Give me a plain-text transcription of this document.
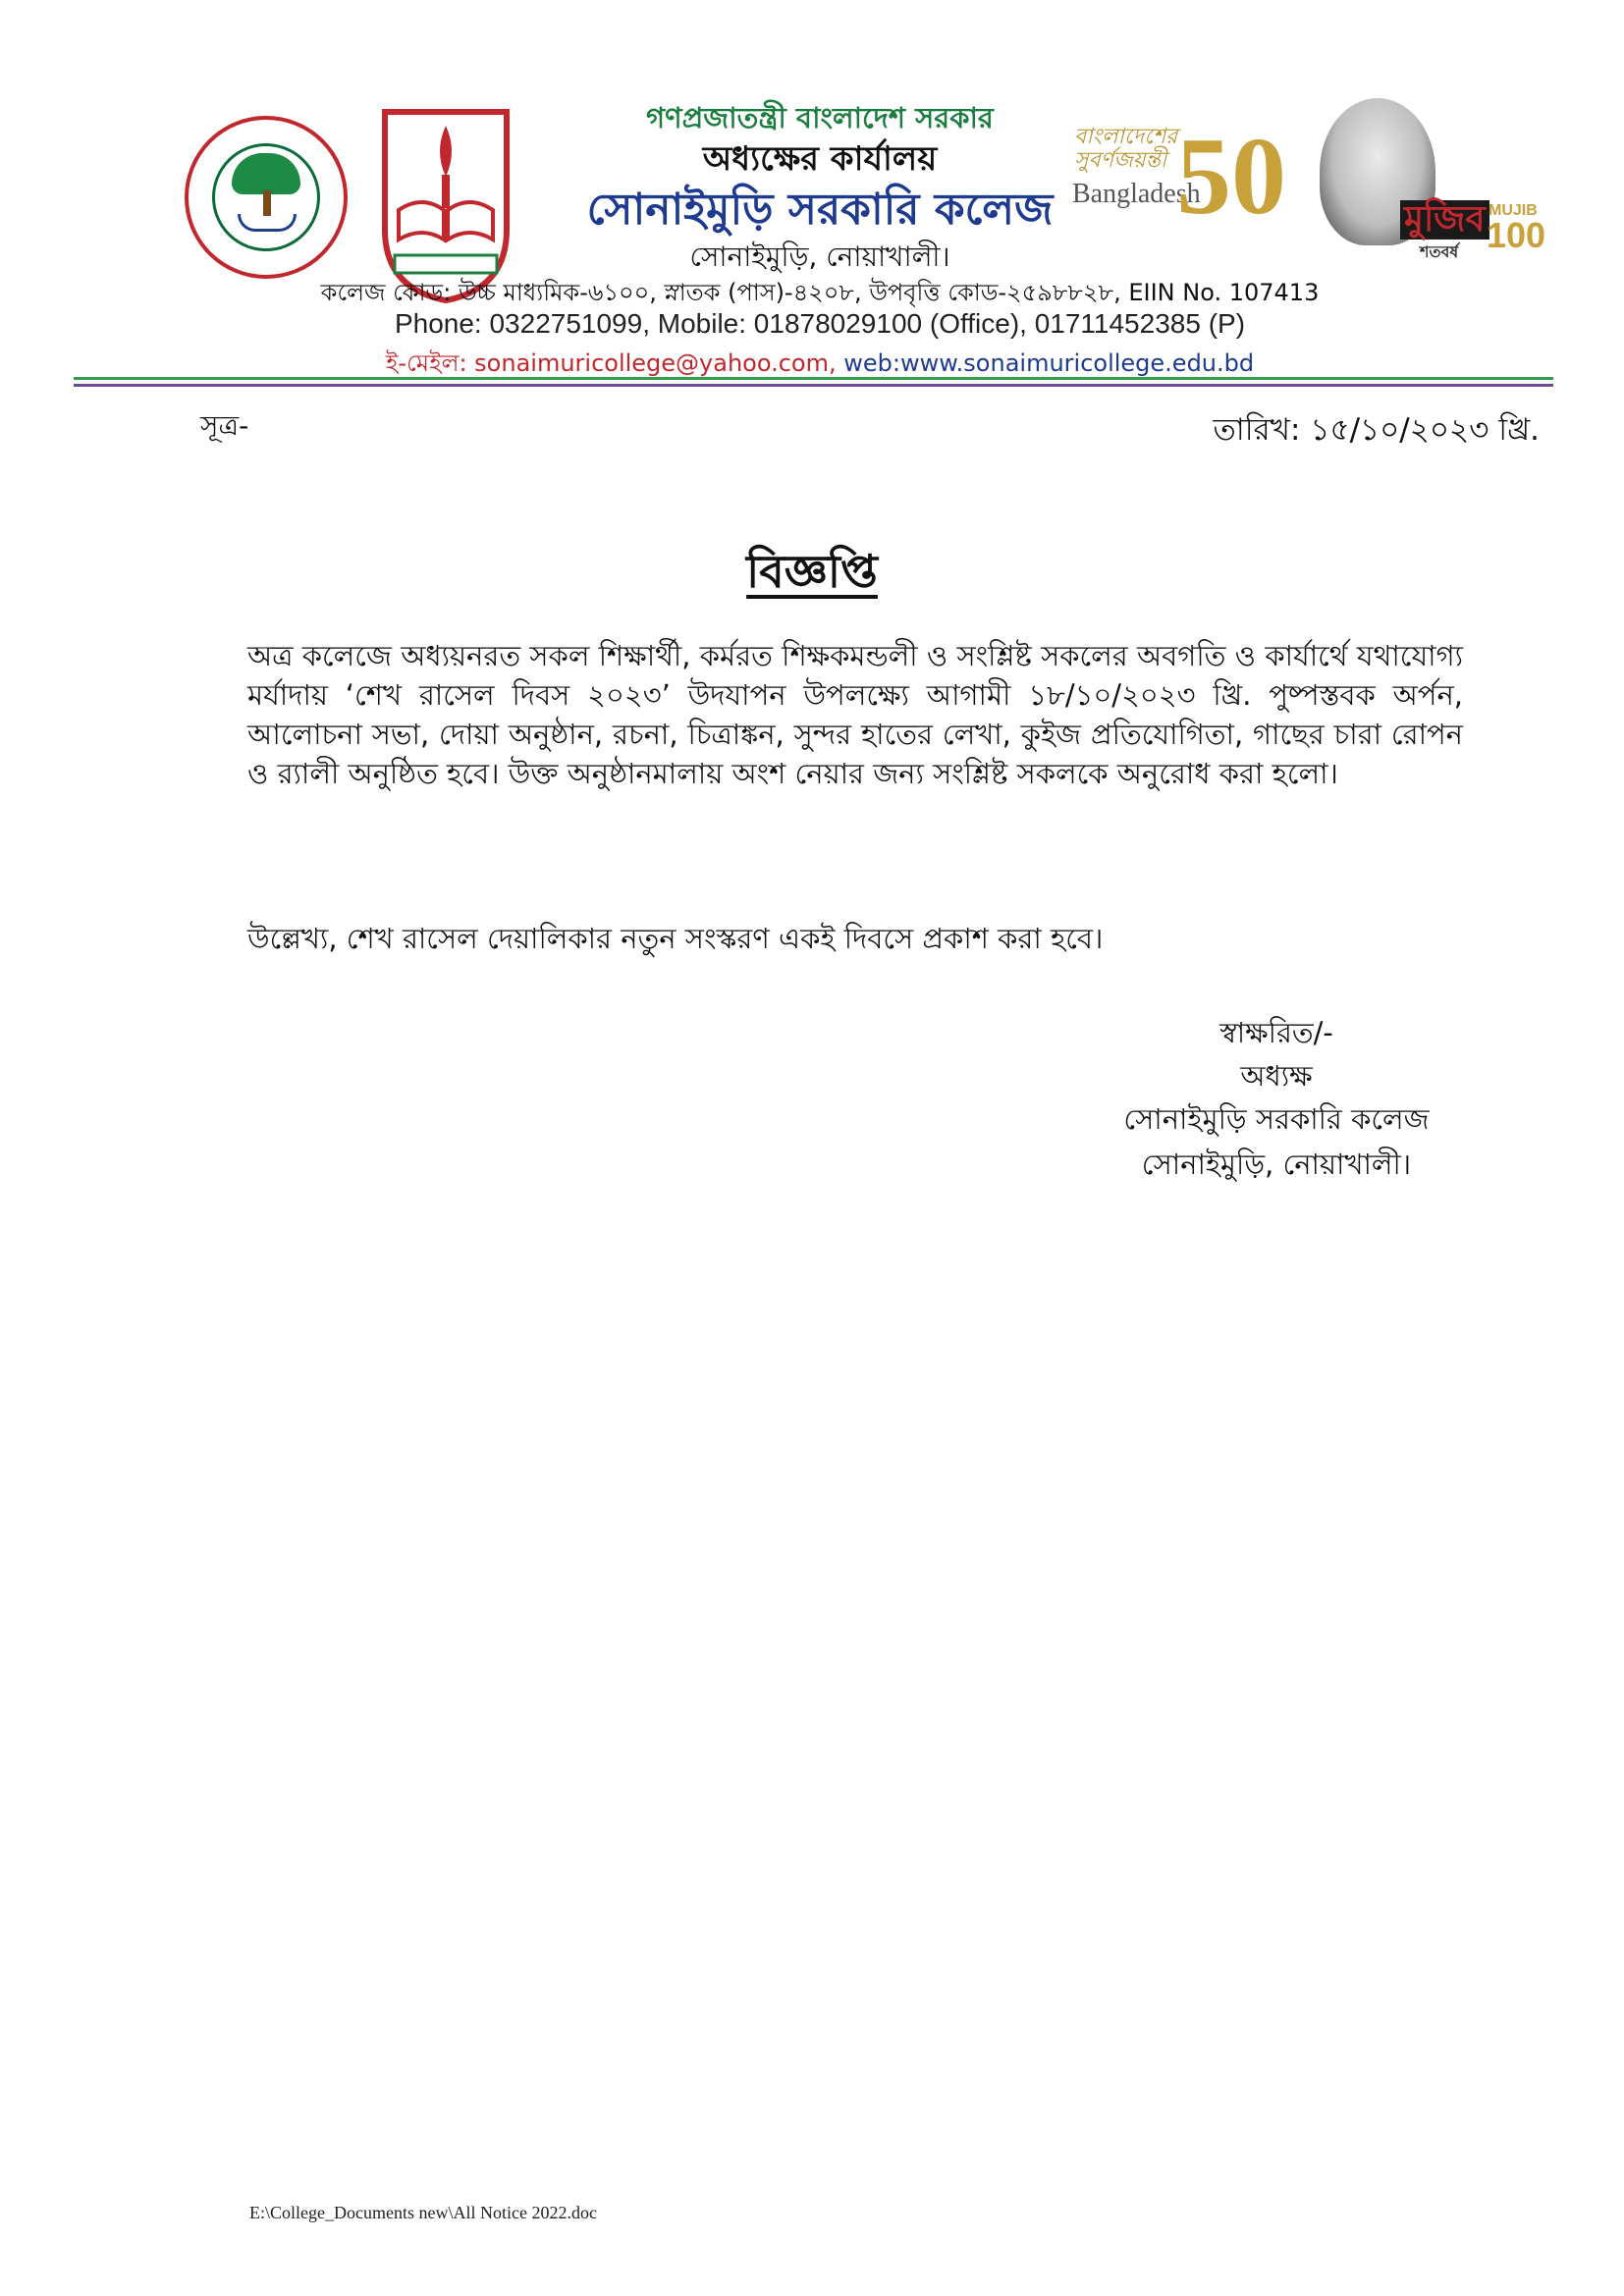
গণপ্রজাতন্ত্রী বাংলাদেশ সরকার
অধ্যক্ষের কার্যালয়
সোনাইমুড়ি সরকারি কলেজ
সোনাইমুড়ি, নোয়াখালী।
কলেজ কোড: উচ্চ মাধ্যমিক-৬১০০, স্নাতক (পাস)-৪২০৮, উপবৃত্তি কোড-২৫৯৮৮২৮, EIIN No. 107413
Phone: 0322751099, Mobile: 01878029100 (Office), 01711452385 (P)
ই-মেইল: sonaimuricollege@yahoo.com, web:www.sonaimuricollege.edu.bd
বাংলাদেশের সুবর্ণজয়ন্তী
Bangladesh
50	মুজিব
শতবর্ষ
MUJIB
100
সূত্র-	তারিখ: ১৫/১০/২০২৩ খ্রি.
বিজ্ঞপ্তি
অত্র কলেজে অধ্যয়নরত সকল শিক্ষার্থী, কর্মরত শিক্ষকমন্ডলী ও সংশ্লিষ্ট সকলের অবগতি ও কার্যার্থে যথাযোগ্য মর্যাদায় ‘শেখ রাসেল দিবস ২০২৩’ উদযাপন উপলক্ষ্যে আগামী ১৮/১০/২০২৩ খ্রি. পুষ্পস্তবক অর্পন, আলোচনা সভা, দোয়া অনুষ্ঠান, রচনা, চিত্রাঙ্কন, সুন্দর হাতের লেখা, কুইজ প্রতিযোগিতা, গাছের চারা রোপন ও র‍্যালী অনুষ্ঠিত হবে। উক্ত অনুষ্ঠানমালায় অংশ নেয়ার জন্য সংশ্লিষ্ট সকলকে অনুরোধ করা হলো।
উল্লেখ্য, শেখ রাসেল দেয়ালিকার নতুন সংস্করণ একই দিবসে প্রকাশ করা হবে।
স্বাক্ষরিত/-
অধ্যক্ষ
সোনাইমুড়ি সরকারি কলেজ
সোনাইমুড়ি, নোয়াখালী।
E:\College_Documents new\All Notice 2022.doc
